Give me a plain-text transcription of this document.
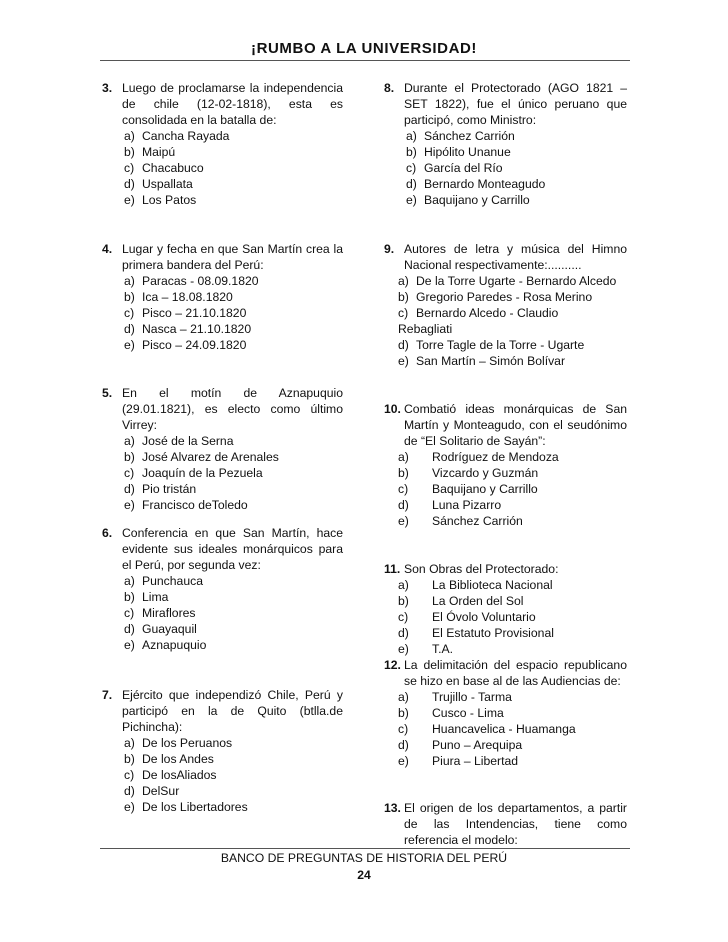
¡RUMBO A LA UNIVERSIDAD!
3. Luego de proclamarse la independencia de chile (12-02-1818), esta es consolidada en la batalla de:
a) Cancha Rayada
b) Maipú
c) Chacabuco
d) Uspallata
e) Los Patos
4. Lugar y fecha en que San Martín crea la primera bandera del Perú:
a) Paracas - 08.09.1820
b) Ica – 18.08.1820
c) Pisco – 21.10.1820
d) Nasca – 21.10.1820
e) Pisco – 24.09.1820
5. En el motín de Aznapuquio (29.01.1821), es electo como último Virrey:
a) José de la Serna
b) José Alvarez de Arenales
c) Joaquín de la Pezuela
d) Pio tristán
e) Francisco deToledo
6. Conferencia en que San Martín, hace evidente sus ideales monárquicos para el Perú, por segunda vez:
a) Punchauca
b) Lima
c) Miraflores
d) Guayaquil
e) Aznapuquio
7. Ejército que independizó Chile, Perú y participó en la de Quito (btlla.de Pichincha):
a) De los Peruanos
b) De los Andes
c) De losAliados
d) DelSur
e) De los Libertadores
8. Durante el Protectorado (AGO 1821 – SET 1822), fue el único peruano que participó, como Ministro:
a) Sánchez Carrión
b) Hipólito Unanue
c) García del Río
d) Bernardo Monteagudo
e) Baquijano y Carrillo
9. Autores de letra y música del Himno Nacional respectivamente:..........
a) De la Torre Ugarte - Bernardo Alcedo
b) Gregorio Paredes - Rosa Merino
c) Bernardo Alcedo - Claudio Rebagliati
d) Torre Tagle de la Torre - Ugarte
e) San Martín – Simón Bolívar
10. Combatió ideas monárquicas de San Martín y Monteagudo, con el seudónimo de “El Solitario de Sayán”:
a) Rodríguez de Mendoza
b) Vizcardo y Guzmán
c) Baquijano y Carrillo
d) Luna Pizarro
e) Sánchez Carrión
11. Son Obras del Protectorado:
a) La Biblioteca Nacional
b) La Orden del Sol
c) El Óvolo Voluntario
d) El Estatuto Provisional
e) T.A.
12. La delimitación del espacio republicano se hizo en base al de las Audiencias de:
a) Trujillo - Tarma
b) Cusco - Lima
c) Huancavelica - Huamanga
d) Puno – Arequipa
e) Piura – Libertad
13. El origen de los departamentos, a partir de las Intendencias, tiene como referencia el modelo:
BANCO DE PREGUNTAS DE HISTORIA DEL PERÚ
24
